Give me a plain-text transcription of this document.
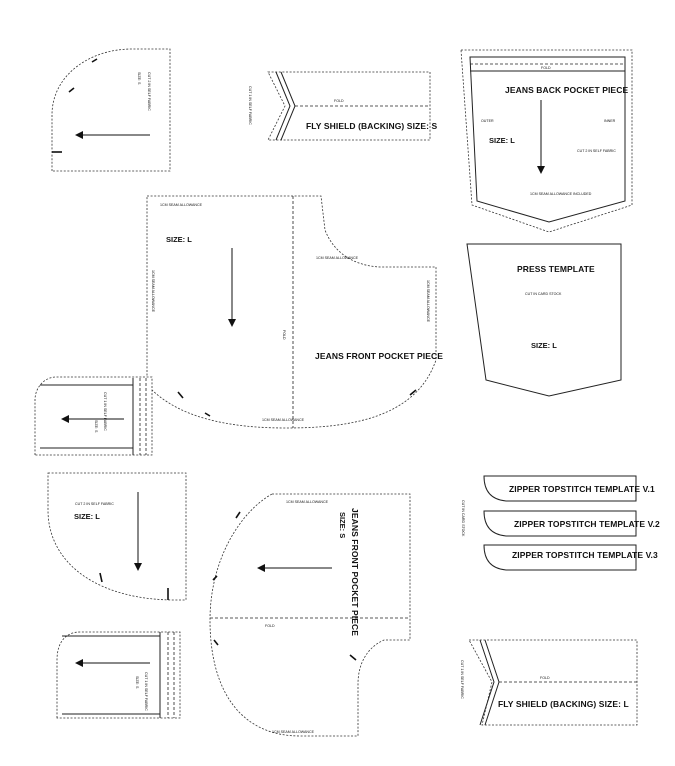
CUT 2 IN SELF FABRIC
SIZE: S
FOLD
FLY SHIELD (BACKING) SIZE: S
CUT 1 IN SELF FABRIC
FOLD
JEANS BACK POCKET PIECE
SIZE: L
OUTER	INNER
CUT 2 IN SELF FABRIC
1CM SEAM ALLOWANCE INCLUDED
FOLD
1CM SEAM ALLOWANCE
1CM SEAM ALLOWANCE
1CM SEAM ALLOWANCE
1CM SEAM ALLOWANCE	1CM SEAM ALLOWANCE
SIZE: L
JEANS FRONT POCKET PIECE
PRESS TEMPLATE
CUT IN CARD STOCK
SIZE: L
CUT 1 IN SELF FABRIC
SIZE: S
CUT 2 IN SELF FABRIC
SIZE: L
FOLD
1CM SEAM ALLOWANCE
1CM SEAM ALLOWANCE
JEANS FRONT POCKET PIECE
SIZE: S
ZIPPER TOPSTITCH TEMPLATE V.1
ZIPPER TOPSTITCH TEMPLATE V.2
ZIPPER TOPSTITCH TEMPLATE V.3
CUT IN CARD STOCK
CUT 1 IN SELF FABRIC
SIZE: S	FOLD
FLY SHIELD (BACKING) SIZE: L
CUT 1 IN SELF FABRIC
